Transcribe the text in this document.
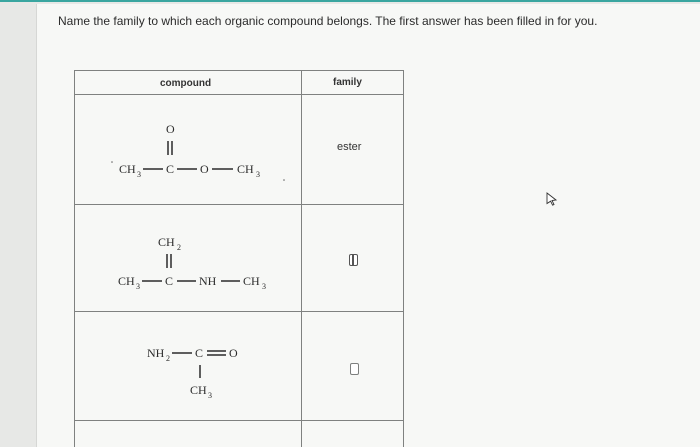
Name the family to which each organic compound belongs. The first answer has been filled in for you.
compound	family
ester
O
CH 3 C O CH 3
CH 2
CH 3 C NH CH 3
NH 2 C O
CH 3
